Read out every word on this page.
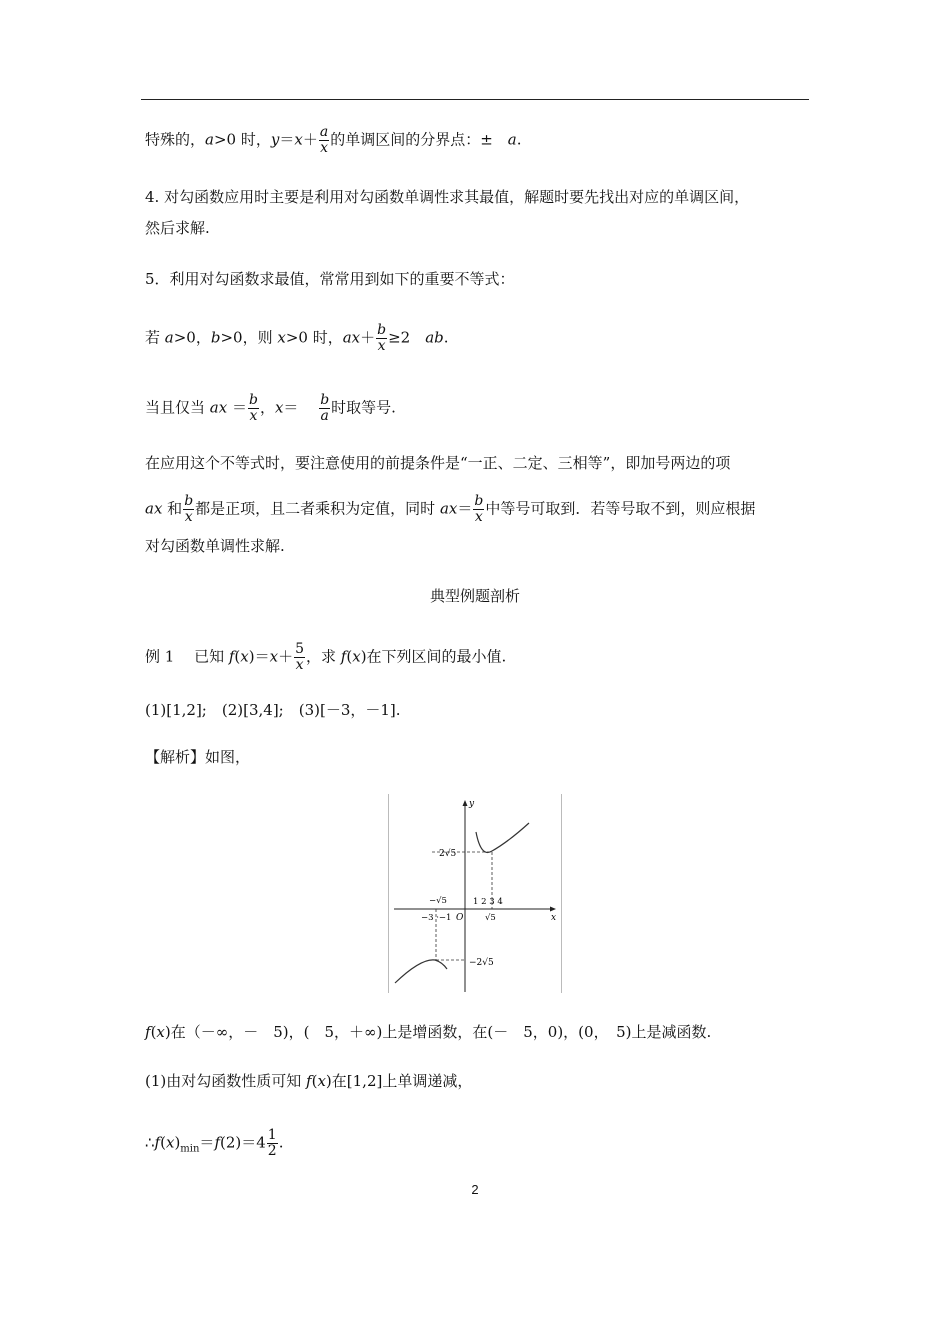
特殊的，a>0 时，$y=x+ \frac{a}{x}$ 的单调区间的分界点：±　a.
4. 对勾函数应用时主要是利用对勾函数单调性求其最值，解题时要先找出对应的单调区间，
然后求解.
5．利用对勾函数求最值，常常用到如下的重要不等式：
若 a>0，b>0，则 x>0 时，$ax+ \frac{b}{x} \ge 2$　ab.
当且仅当 ax ＝ $\frac{b}{x}$ ，x＝　 $\frac{b}{a}$ 时取等号.
在应用这个不等式时，要注意使用的前提条件是“一正、二定、三相等”，即加号两边的项
ax 和 $\frac{b}{x}$ 都是正项，且二者乘积为定值，同时 $ax= \frac{b}{x}$ 中等号可取到．若等号取不到，则应根据
对勾函数单调性求解.
典型例题剖析
例 1　 已知 $f(x)=x+ \frac{5}{x}$ ，求 f(x)在下列区间的最小值.
(1)[1,2];　(2)[3,4];　(3)[－3，－1].
【解析】如图，
y
x
O
2√5
−2√5
−√5
−3 ·−1
1 2 3 4
√5
f(x)在（－∞，－　5)，(　5，＋∞)上是增函数，在(－　5，0)，(0，　5)上是减函数.
(1)由对勾函数性质可知 f(x)在[1,2]上单调递减，
$\therefore f(x)_{min}=f(2)=4 \frac{1}{2}$ .
2
